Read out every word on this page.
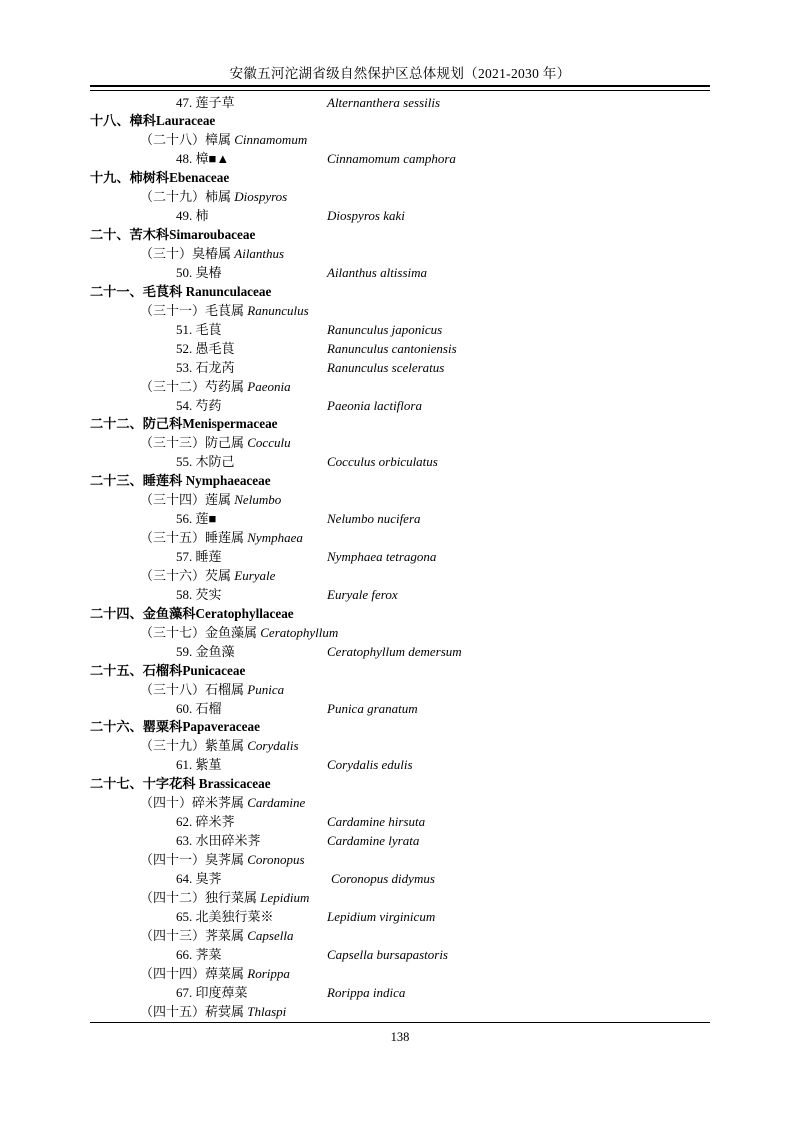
安徽五河沱湖省级自然保护区总体规划（2021-2030 年）
47. 莲子草	Alternanthera sessilis
十八、樟科Lauraceae
（二十八）樟属 Cinnamomum
48. 樟■▲	Cinnamomum camphora
十九、柿树科Ebenaceae
（二十九）柿属 Diospyros
49. 柿	Diospyros kaki
二十、苦木科Simaroubaceae
（三十）臭椿属 Ailanthus
50. 臭椿	Ailanthus altissima
二十一、毛茛科 Ranunculaceae
（三十一）毛茛属 Ranunculus
51. 毛茛	Ranunculus japonicus
52. 愚毛茛	Ranunculus cantoniensis
53. 石龙芮	Ranunculus sceleratus
（三十二）芍药属 Paeonia
54. 芍药	Paeonia lactiflora
二十二、防己科Menispermaceae
（三十三）防己属 Cocculu
55. 木防己	Cocculus orbiculatus
二十三、睡莲科 Nymphaeaceae
（三十四）莲属 Nelumbo
56. 莲■	Nelumbo nucifera
（三十五）睡莲属 Nymphaea
57. 睡莲	Nymphaea tetragona
（三十六）芡属 Euryale
58. 芡实	Euryale ferox
二十四、金鱼藻科Ceratophyllaceae
（三十七）金鱼藻属 Ceratophyllum
59. 金鱼藻	Ceratophyllum demersum
二十五、石榴科Punicaceae
（三十八）石榴属 Punica
60. 石榴	Punica granatum
二十六、罂粟科Papaveraceae
（三十九）紫堇属 Corydalis
61. 紫堇	Corydalis edulis
二十七、十字花科 Brassicaceae
（四十）碎米荠属 Cardamine
62. 碎米荠	Cardamine hirsuta
63. 水田碎米荠	Cardamine lyrata
（四十一）臭荠属 Coronopus
64. 臭荠	Coronopus didymus
（四十二）独行菜属 Lepidium
65. 北美独行菜※	Lepidium virginicum
（四十三）荠菜属 Capsella
66. 荠菜	Capsella bursapastoris
（四十四）蔊菜属 Rorippa
67. 印度蔊菜	Rorippa indica
（四十五）菥蓂属 Thlaspi
138
